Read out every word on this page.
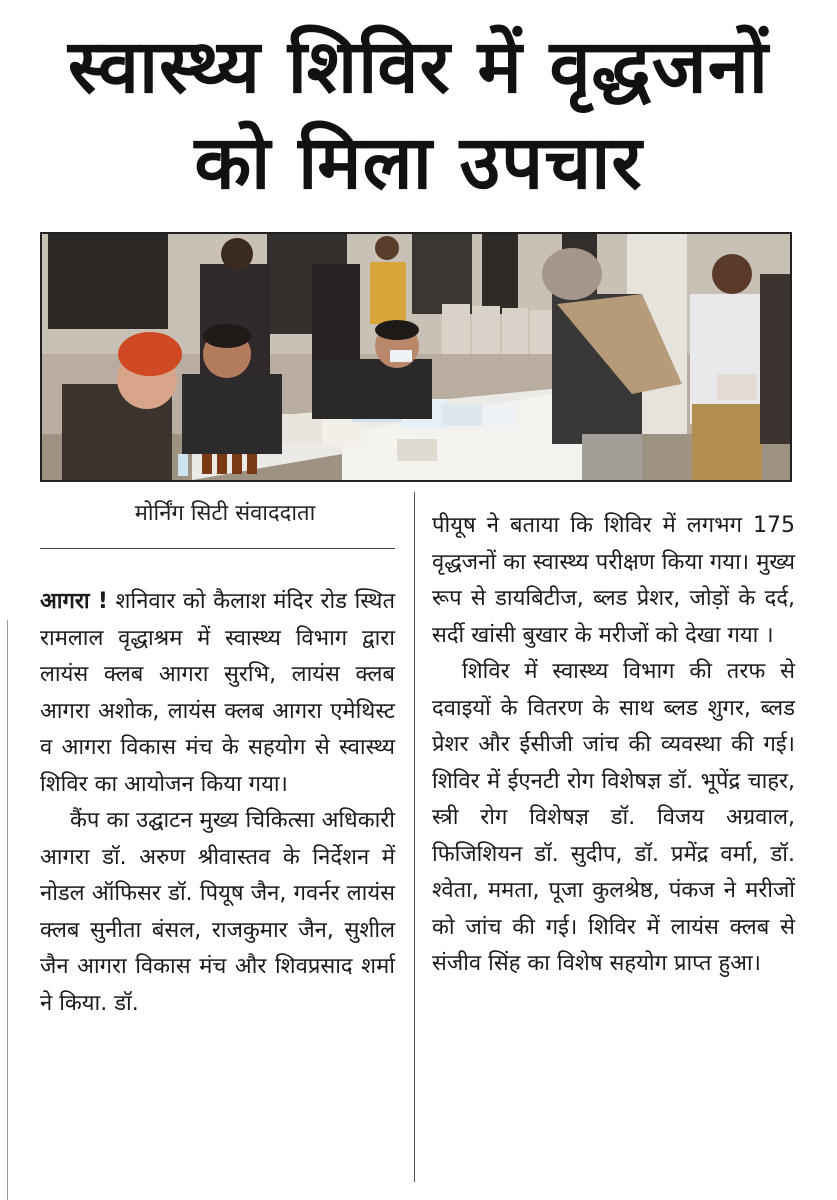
स्वास्थ्य शिविर में वृद्धजनों
को मिला उपचार
मोर्निंग सिटी संवाददाता

आगरा ! शनिवार को कैलाश मंदिर रोड स्थित रामलाल वृद्धाश्रम में स्वास्थ्य विभाग द्वारा लायंस क्लब आगरा सुरभि, लायंस क्लब आगरा अशोक, लायंस क्लब आगरा एमेथिस्ट व आगरा विकास मंच के सहयोग से स्वास्थ्य शिविर का आयोजन किया गया।

कैंप का उद्घाटन मुख्य चिकित्सा अधिकारी आगरा डॉ. अरुण श्रीवास्तव के निर्देशन में नोडल ऑफिसर डॉ. पियूष जैन, गवर्नर लायंस क्लब सुनीता बंसल, राजकुमार जैन, सुशील जैन आगरा विकास मंच और शिवप्रसाद शर्मा ने किया. डॉ.

पीयूष ने बताया कि शिविर में लगभग 175 वृद्धजनों का स्वास्थ्य परीक्षण किया गया। मुख्य रूप से डायबिटीज, ब्लड प्रेशर, जोड़ों के दर्द, सर्दी खांसी बुखार के मरीजों को देखा गया ।

शिविर में स्वास्थ्य विभाग की तरफ से दवाइयों के वितरण के साथ ब्लड शुगर, ब्लड प्रेशर और ईसीजी जांच की व्यवस्था की गई। शिविर में ईएनटी रोग विशेषज्ञ डॉ. भूपेंद्र चाहर, स्त्री रोग विशेषज्ञ डॉ. विजय अग्रवाल, फिजिशियन डॉ. सुदीप, डॉ. प्रमेंद्र वर्मा, डॉ. श्वेता, ममता, पूजा कुलश्रेष्ठ, पंकज ने मरीजों को जांच की गई। शिविर में लायंस क्लब से संजीव सिंह का विशेष सहयोग प्राप्त हुआ।
